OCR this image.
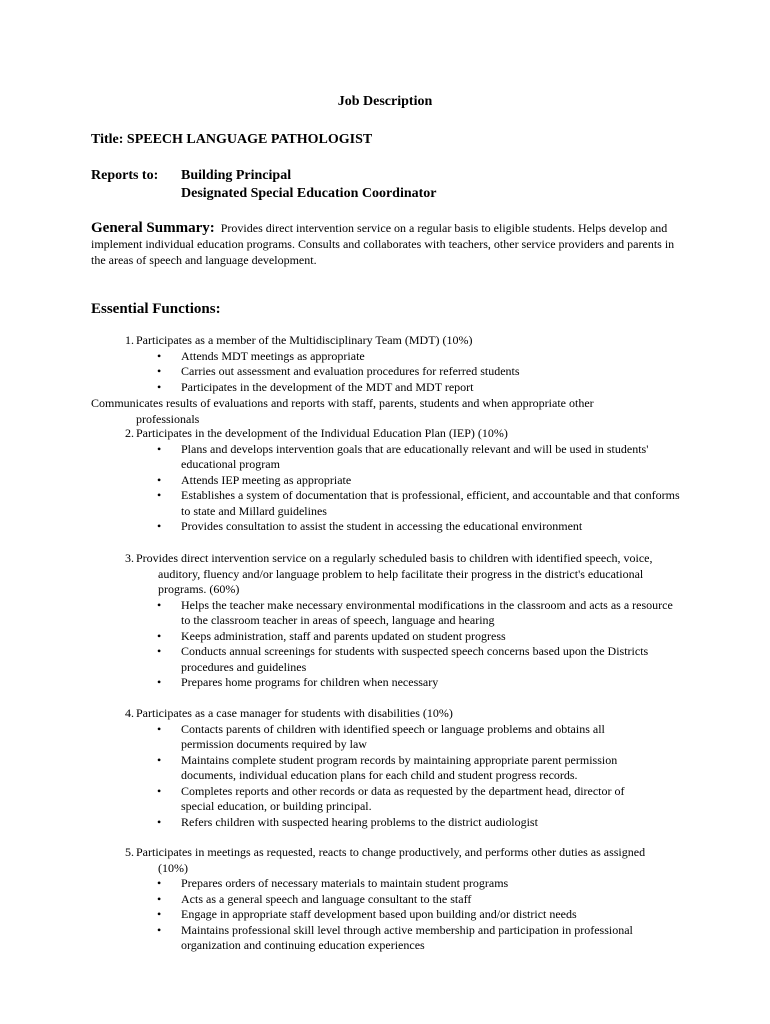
Job Description
Title: SPEECH LANGUAGE PATHOLOGIST
Reports to: Building Principal
Designated Special Education Coordinator
General Summary: Provides direct intervention service on a regular basis to eligible students. Helps develop and implement individual education programs. Consults and collaborates with teachers, other service providers and parents in the areas of speech and language development.
Essential Functions:
1. Participates as a member of the Multidisciplinary Team (MDT) (10%)
• Attends MDT meetings as appropriate
• Carries out assessment and evaluation procedures for referred students
• Participates in the development of the MDT and MDT report
Communicates results of evaluations and reports with staff, parents, students and when appropriate other
professionals
2. Participates in the development of the Individual Education Plan (IEP) (10%)
• Plans and develops intervention goals that are educationally relevant and will be used in students' educational program
• Attends IEP meeting as appropriate
• Establishes a system of documentation that is professional, efficient, and accountable and that conforms to state and Millard guidelines
• Provides consultation to assist the student in accessing the educational environment
3. Provides direct intervention service on a regularly scheduled basis to children with identified speech, voice,
auditory, fluency and/or language problem to help facilitate their progress in the district's educational programs. (60%)
• Helps the teacher make necessary environmental modifications in the classroom and acts as a resource to the classroom teacher in areas of speech, language and hearing
• Keeps administration, staff and parents updated on student progress
• Conducts annual screenings for students with suspected speech concerns based upon the Districts procedures and guidelines
• Prepares home programs for children when necessary
4. Participates as a case manager for students with disabilities (10%)
• Contacts parents of children with identified speech or language problems and obtains all permission documents required by law
• Maintains complete student program records by maintaining appropriate parent permission documents, individual education plans for each child and student progress records.
• Completes reports and other records or data as requested by the department head, director of special education, or building principal.
• Refers children with suspected hearing problems to the district audiologist
5. Participates in meetings as requested, reacts to change productively, and performs other duties as assigned
(10%)
• Prepares orders of necessary materials to maintain student programs
• Acts as a general speech and language consultant to the staff
• Engage in appropriate staff development based upon building and/or district needs
• Maintains professional skill level through active membership and participation in professional organization and continuing education experiences
